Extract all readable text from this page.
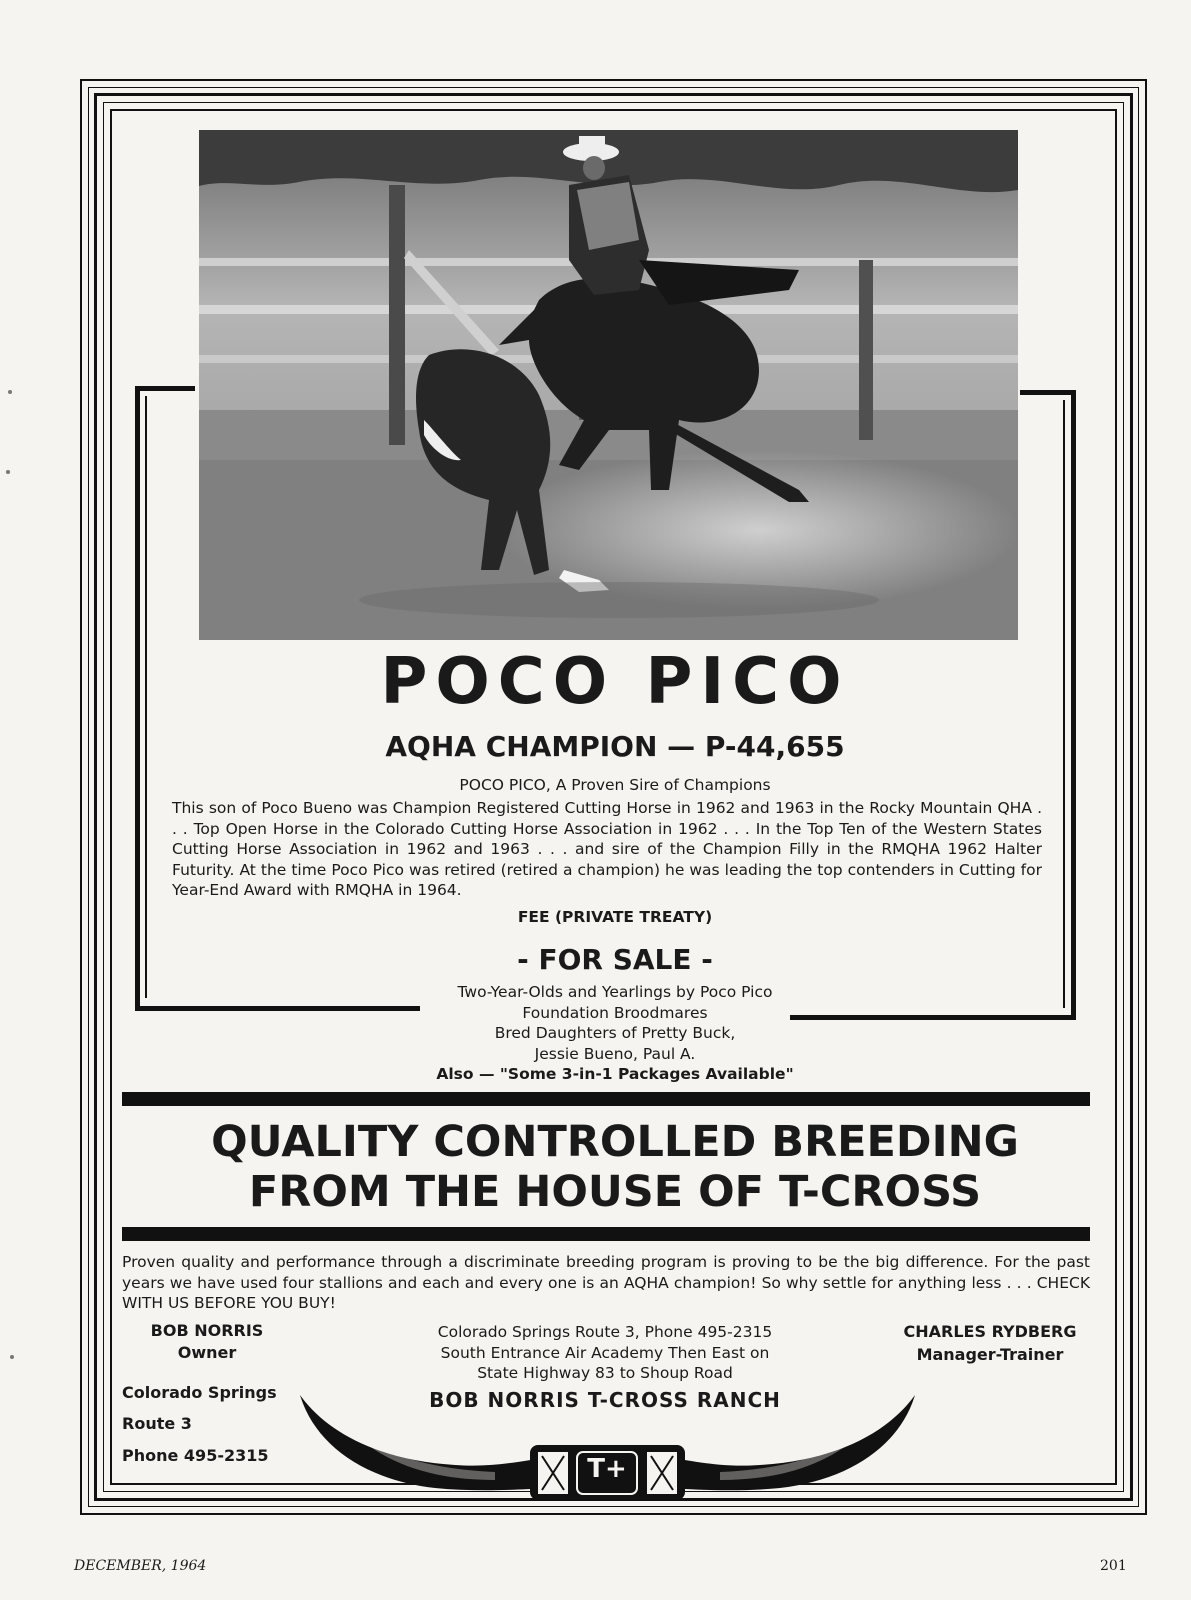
POCO PICO
AQHA CHAMPION — P-44,655
POCO PICO, A Proven Sire of Champions
This son of Poco Bueno was Champion Registered Cutting Horse in 1962 and 1963 in the Rocky Mountain QHA . . . Top Open Horse in the Colorado Cutting Horse Association in 1962 . . . In the Top Ten of the Western States Cutting Horse Association in 1962 and 1963 . . . and sire of the Champion Filly in the RMQHA 1962 Halter Futurity. At the time Poco Pico was retired (retired a champion) he was leading the top contenders in Cutting for Year-End Award with RMQHA in 1964.
FEE (PRIVATE TREATY)
- FOR SALE -
Two-Year-Olds and Yearlings by Poco Pico
Foundation Broodmares
Bred Daughters of Pretty Buck,
Jessie Bueno, Paul A.
Also — "Some 3-in-1 Packages Available"
QUALITY CONTROLLED BREEDING
FROM THE HOUSE OF T-CROSS
Proven quality and performance through a discriminate breeding program is proving to be the big difference. For the past years we have used four stallions and each and every one is an AQHA champion! So why settle for anything less . . . CHECK WITH US BEFORE YOU BUY!
BOB NORRIS
Owner
Colorado Springs
Route 3
Phone 495-2315
Colorado Springs Route 3, Phone 495-2315
South Entrance Air Academy Then East on
State Highway 83 to Shoup Road
BOB NORRIS T-CROSS RANCH
CHARLES RYDBERG
Manager-Trainer
T+
DECEMBER, 1964	201
